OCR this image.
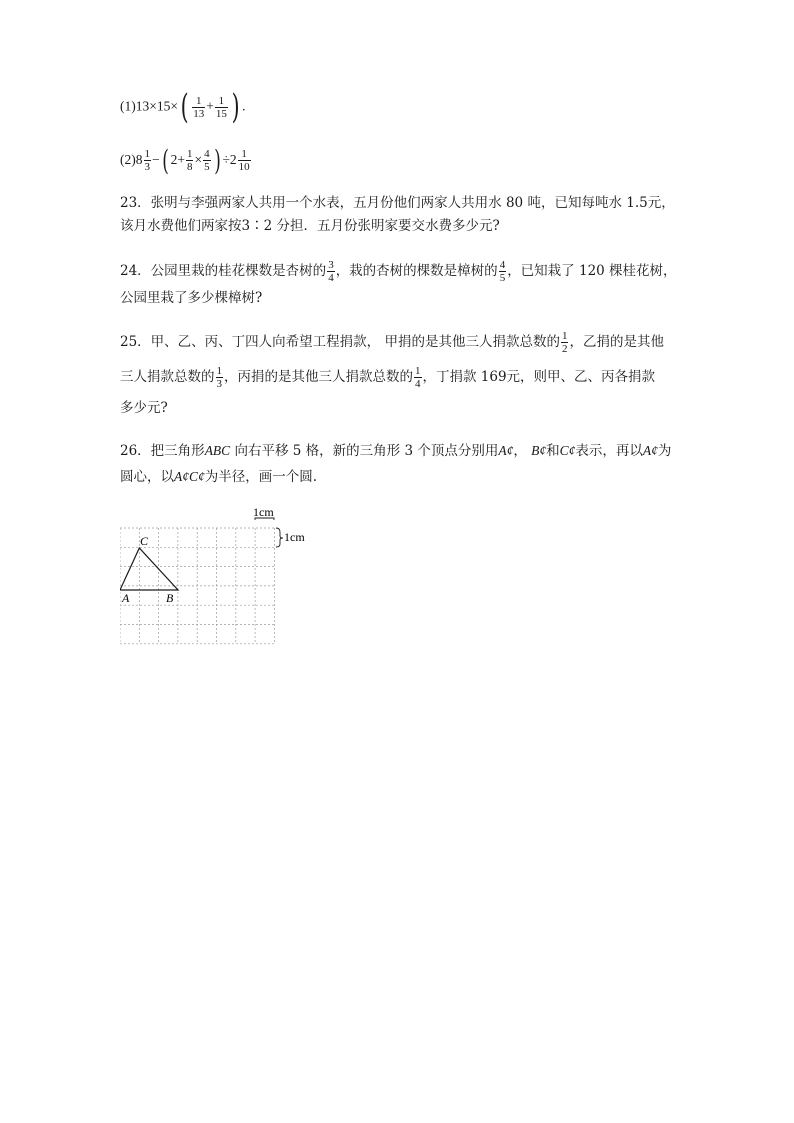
$(1)13\times 15\times( \frac{1}{13} + \frac{1}{15}$ ) .
$(2)8 \frac{1}{3}$ −( $2+ \frac{1}{8} \times \frac{4}{5}$ ) $\div 2 \frac{1}{10}$
23．张明与李强两家人共用一个水表，五月份他们两家人共用水 80 吨，已知每吨水 1.5元，
该月水费他们两家按3∶2 分担．五月份张明家要交水费多少元?
24．公园里栽的桂花棵数是杏树的 $\frac{3}{4}$ ，栽的杏树的棵数是樟树的 $\frac{4}{5}$ ，已知栽了 120 棵桂花树，
公园里栽了多少棵樟树?
25．甲、乙、丙、丁四人向希望工程捐款， 甲捐的是其他三人捐款总数的 $\frac{1}{2}$ ，乙捐的是其他
三人捐款总数的 $\frac{1}{3}$ ，丙捐的是其他三人捐款总数的 $\frac{1}{4}$ ，丁捐款 169元，则甲、乙、丙各捐款
多少元?
26．把三角形ABC 向右平移 5 格，新的三角形 3 个顶点分别用A¢， B¢和C¢表示，再以A¢为
圆心，以A¢C¢为半径，画一个圆.
A	B
C
1cm
1cm
